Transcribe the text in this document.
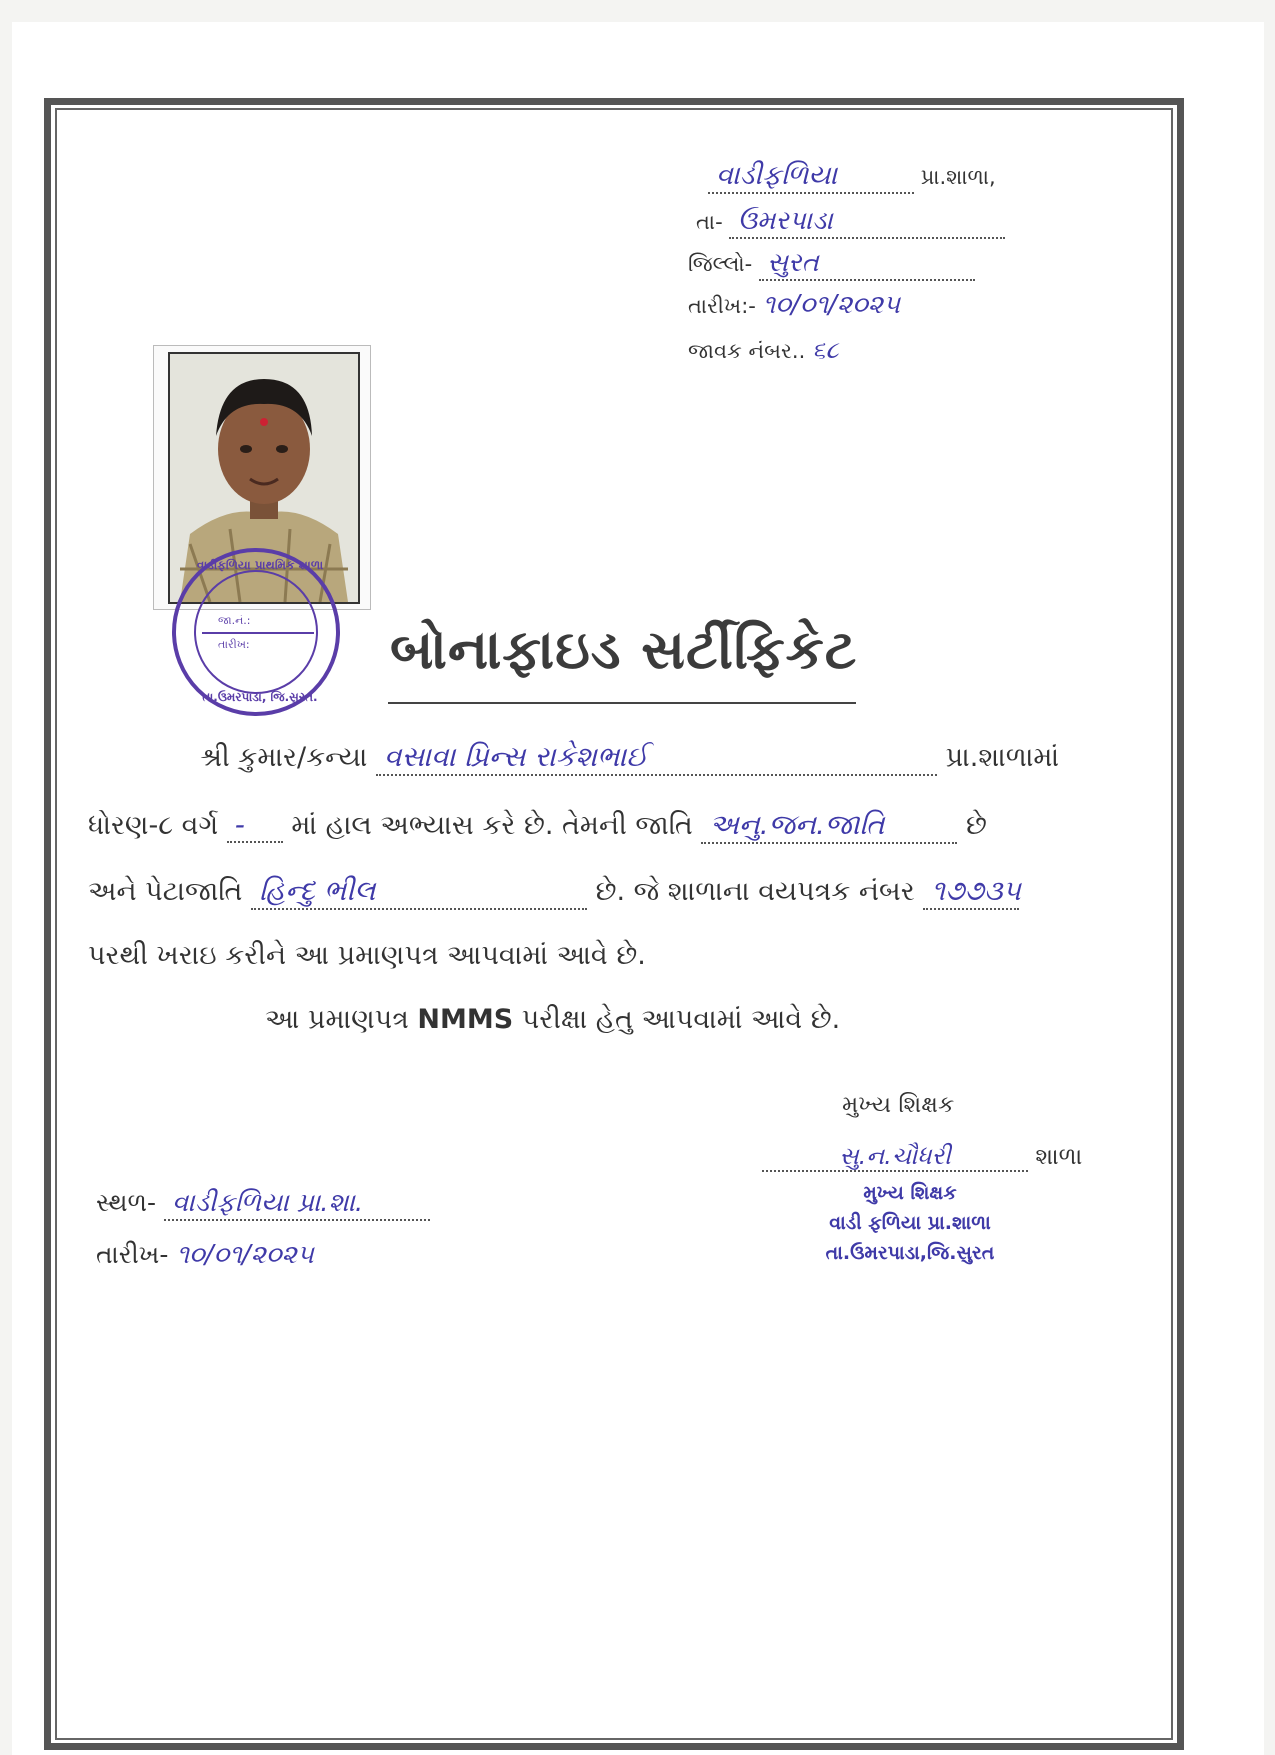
વાડીફળિયા	પ્રા.શાળા,
તા- ઉમરપાડા
જિલ્લો- સુરત
તારીખ:- ૧૦/૦૧/૨૦૨૫
જાવક નંબર.. ૬૮
વાડીફળિયા પ્રાથમિક શાળા
જા.નં.:
તારીખ:
તા.ઉમરપાડા, જિ.સુરત.
બોનાફાઇડ સર્ટીફિકેટ
શ્રી કુમાર/કન્યા વસાવા પ્રિન્સ રાકેશભાઈ	પ્રા.શાળામાં
ધોરણ-૮ વર્ગ - માં હાલ અભ્યાસ કરે છે. તેમની જાતિ અનુ.જન.જાતિ	છે
અને પેટાજાતિ હિન્દુ ભીલ	છે. જે શાળાના વયપત્રક નંબર ૧૭૭૩૫
પરથી ખરાઇ કરીને આ પ્રમાણપત્ર આપવામાં આવે છે.
આ પ્રમાણપત્ર NMMS પરીક્ષા હેતુ આપવામાં આવે છે.
મુખ્ય શિક્ષક
સુ.ન.ચૌધરી	શાળા
મુખ્ય શિક્ષક
વાડી ફળિયા પ્રા.શાળા
તા.ઉમરપાડા,જિ.સુરત
સ્થળ- વાડીફળિયા પ્રા.શા.
તારીખ- ૧૦/૦૧/૨૦૨૫
